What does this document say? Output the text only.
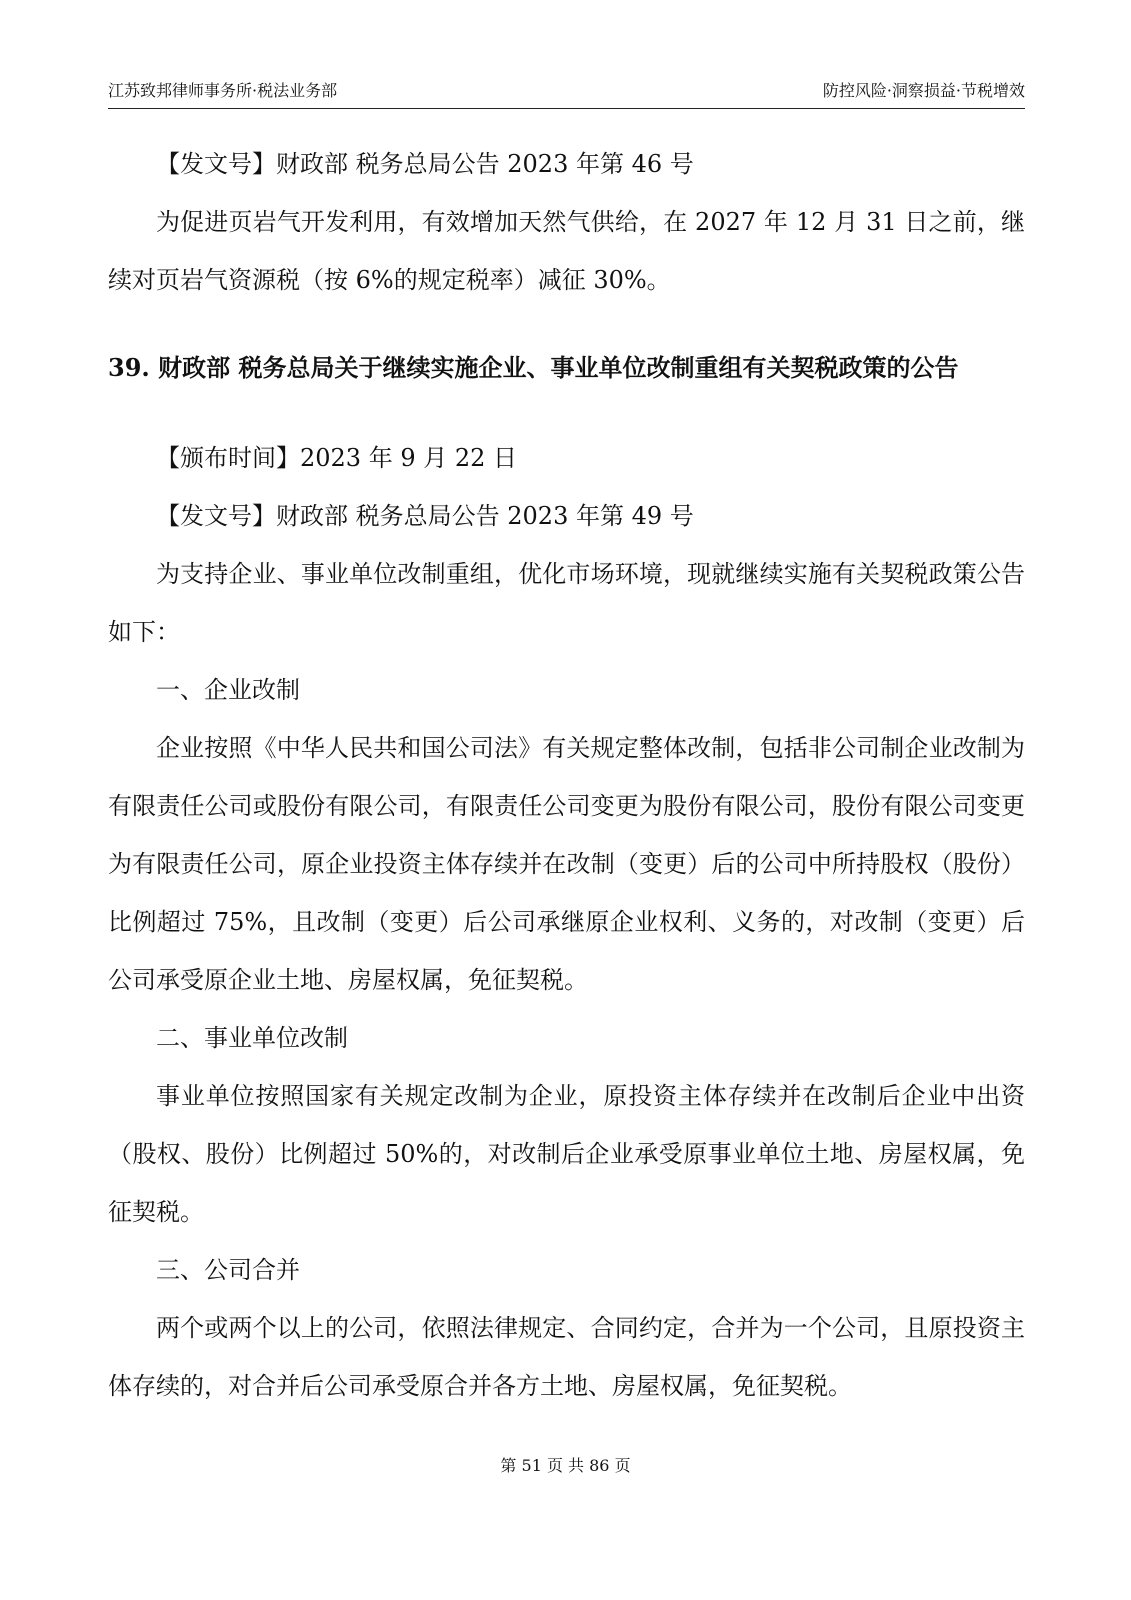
江苏致邦律师事务所·税法业务部	防控风险·洞察损益·节税增效

【发文号】财政部 税务总局公告 2023 年第 46 号

为促进页岩气开发利用，有效增加天然气供给，在 2027 年 12 月 31 日之前，继续对页岩气资源税（按 6%的规定税率）减征 30%。

39. 财政部 税务总局关于继续实施企业、事业单位改制重组有关契税政策的公告

【颁布时间】2023 年 9 月 22 日

【发文号】财政部 税务总局公告 2023 年第 49 号

为支持企业、事业单位改制重组，优化市场环境，现就继续实施有关契税政策公告如下：

一、企业改制

企业按照《中华人民共和国公司法》有关规定整体改制，包括非公司制企业改制为有限责任公司或股份有限公司，有限责任公司变更为股份有限公司，股份有限公司变更为有限责任公司，原企业投资主体存续并在改制（变更）后的公司中所持股权（股份）比例超过 75%，且改制（变更）后公司承继原企业权利、义务的，对改制（变更）后公司承受原企业土地、房屋权属，免征契税。

二、事业单位改制

事业单位按照国家有关规定改制为企业，原投资主体存续并在改制后企业中出资（股权、股份）比例超过 50%的，对改制后企业承受原事业单位土地、房屋权属，免征契税。

三、公司合并

两个或两个以上的公司，依照法律规定、合同约定，合并为一个公司，且原投资主体存续的，对合并后公司承受原合并各方土地、房屋权属，免征契税。

第 51 页 共 86 页
